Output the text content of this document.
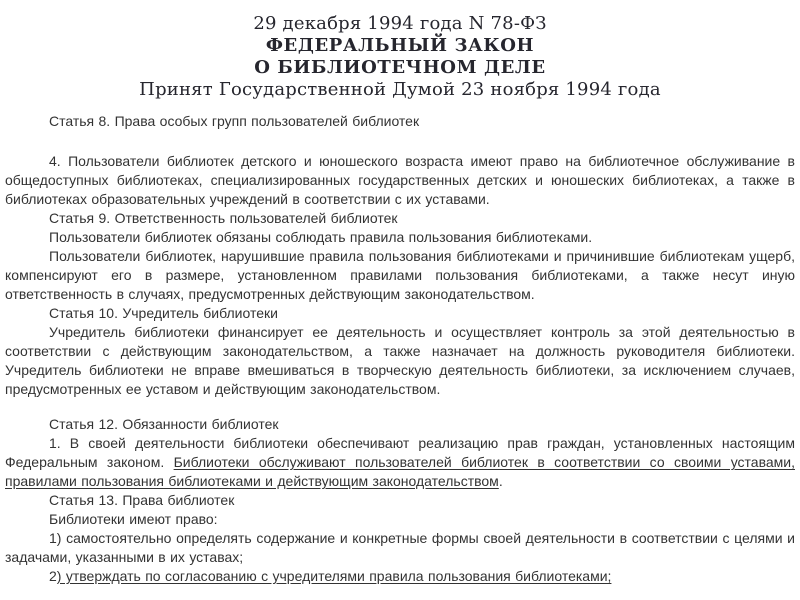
29 декабря 1994 года N 78-ФЗ
ФЕДЕРАЛЬНЫЙ ЗАКОН
О БИБЛИОТЕЧНОМ ДЕЛЕ
Принят Государственной Думой 23 ноября 1994 года

Статья 8. Права особых групп пользователей библиотек

4. Пользователи библиотек детского и юношеского возраста имеют право на библиотечное обслуживание в общедоступных библиотеках, специализированных государственных детских и юношеских библиотеках, а также в библиотеках образовательных учреждений в соответствии с их уставами.

Статья 9. Ответственность пользователей библиотек

Пользователи библиотек обязаны соблюдать правила пользования библиотеками.

Пользователи библиотек, нарушившие правила пользования библиотеками и причинившие библиотекам ущерб, компенсируют его в размере, установленном правилами пользования библиотеками, а также несут иную ответственность в случаях, предусмотренных действующим законодательством.

Статья 10. Учредитель библиотеки

Учредитель библиотеки финансирует ее деятельность и осуществляет контроль за этой деятельностью в соответствии с действующим законодательством, а также назначает на должность руководителя библиотеки. Учредитель библиотеки не вправе вмешиваться в творческую деятельность библиотеки, за исключением случаев, предусмотренных ее уставом и действующим законодательством.

Статья 12. Обязанности библиотек

1. В своей деятельности библиотеки обеспечивают реализацию прав граждан, установленных настоящим Федеральным законом. Библиотеки обслуживают пользователей библиотек в соответствии со своими уставами, правилами пользования библиотеками и действующим законодательством.

Статья 13. Права библиотек

Библиотеки имеют право:

1) самостоятельно определять содержание и конкретные формы своей деятельности в соответствии с целями и задачами, указанными в их уставах;

2) утверждать по согласованию с учредителями правила пользования библиотеками;
